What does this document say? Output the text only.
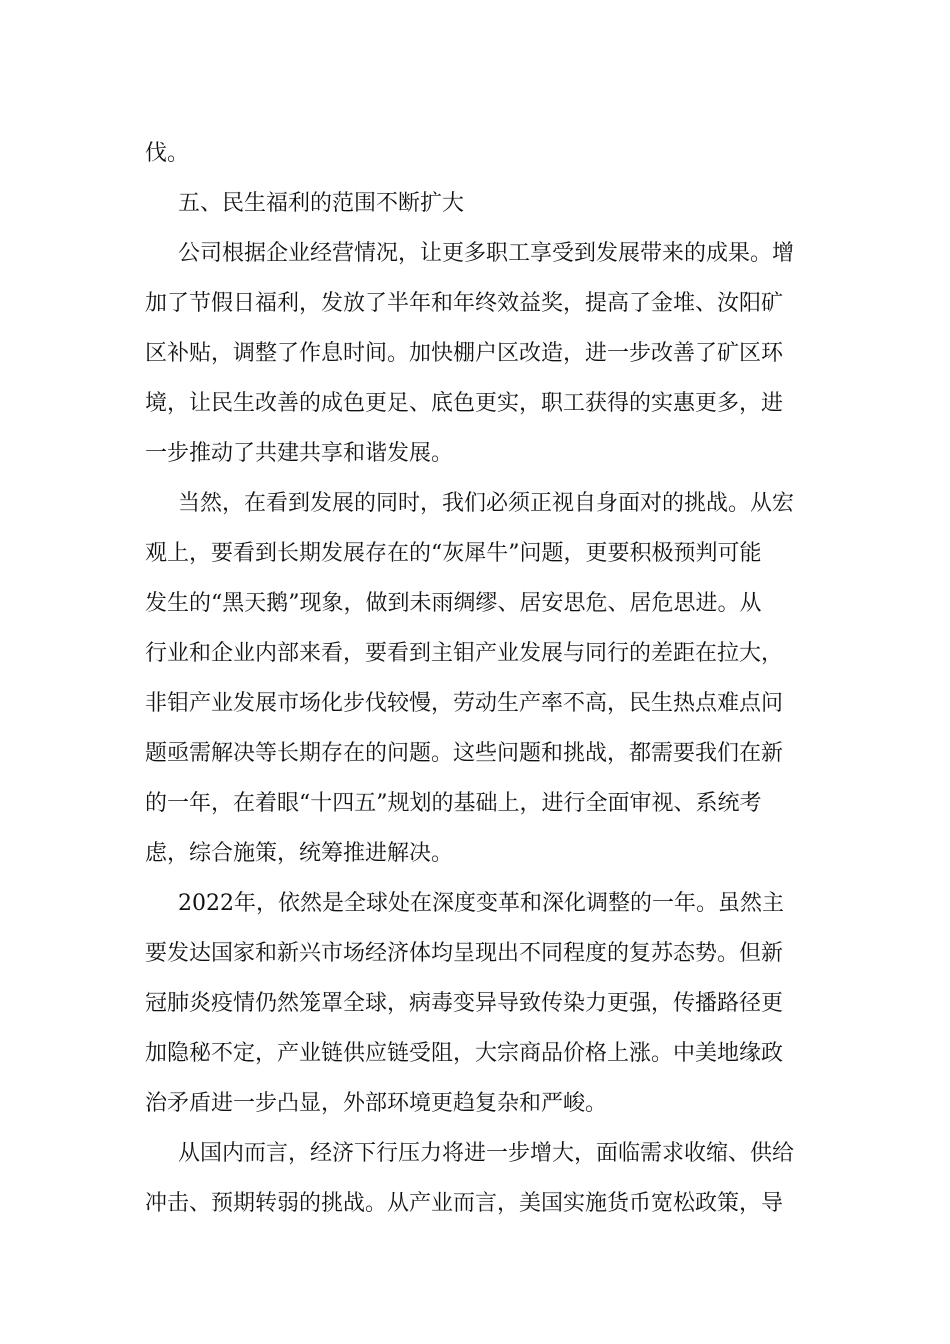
伐。
五、民生福利的范围不断扩大
公司根据企业经营情况，让更多职工享受到发展带来的成果。增
加了节假日福利，发放了半年和年终效益奖，提高了金堆、汝阳矿
区补贴，调整了作息时间。加快棚户区改造，进一步改善了矿区环
境，让民生改善的成色更足、底色更实，职工获得的实惠更多，进
一步推动了共建共享和谐发展。
当然，在看到发展的同时，我们必须正视自身面对的挑战。从宏
观上，要看到长期发展存在的“灰犀牛”问题，更要积极预判可能
发生的“黑天鹅”现象，做到未雨绸缪、居安思危、居危思进。从
行业和企业内部来看，要看到主钼产业发展与同行的差距在拉大，
非钼产业发展市场化步伐较慢，劳动生产率不高，民生热点难点问
题亟需解决等长期存在的问题。这些问题和挑战，都需要我们在新
的一年，在着眼“十四五”规划的基础上，进行全面审视、系统考
虑，综合施策，统筹推进解决。
2022年，依然是全球处在深度变革和深化调整的一年。虽然主
要发达国家和新兴市场经济体均呈现出不同程度的复苏态势。但新
冠肺炎疫情仍然笼罩全球，病毒变异导致传染力更强，传播路径更
加隐秘不定，产业链供应链受阻，大宗商品价格上涨。中美地缘政
治矛盾进一步凸显，外部环境更趋复杂和严峻。
从国内而言，经济下行压力将进一步增大，面临需求收缩、供给
冲击、预期转弱的挑战。从产业而言，美国实施货币宽松政策，导
